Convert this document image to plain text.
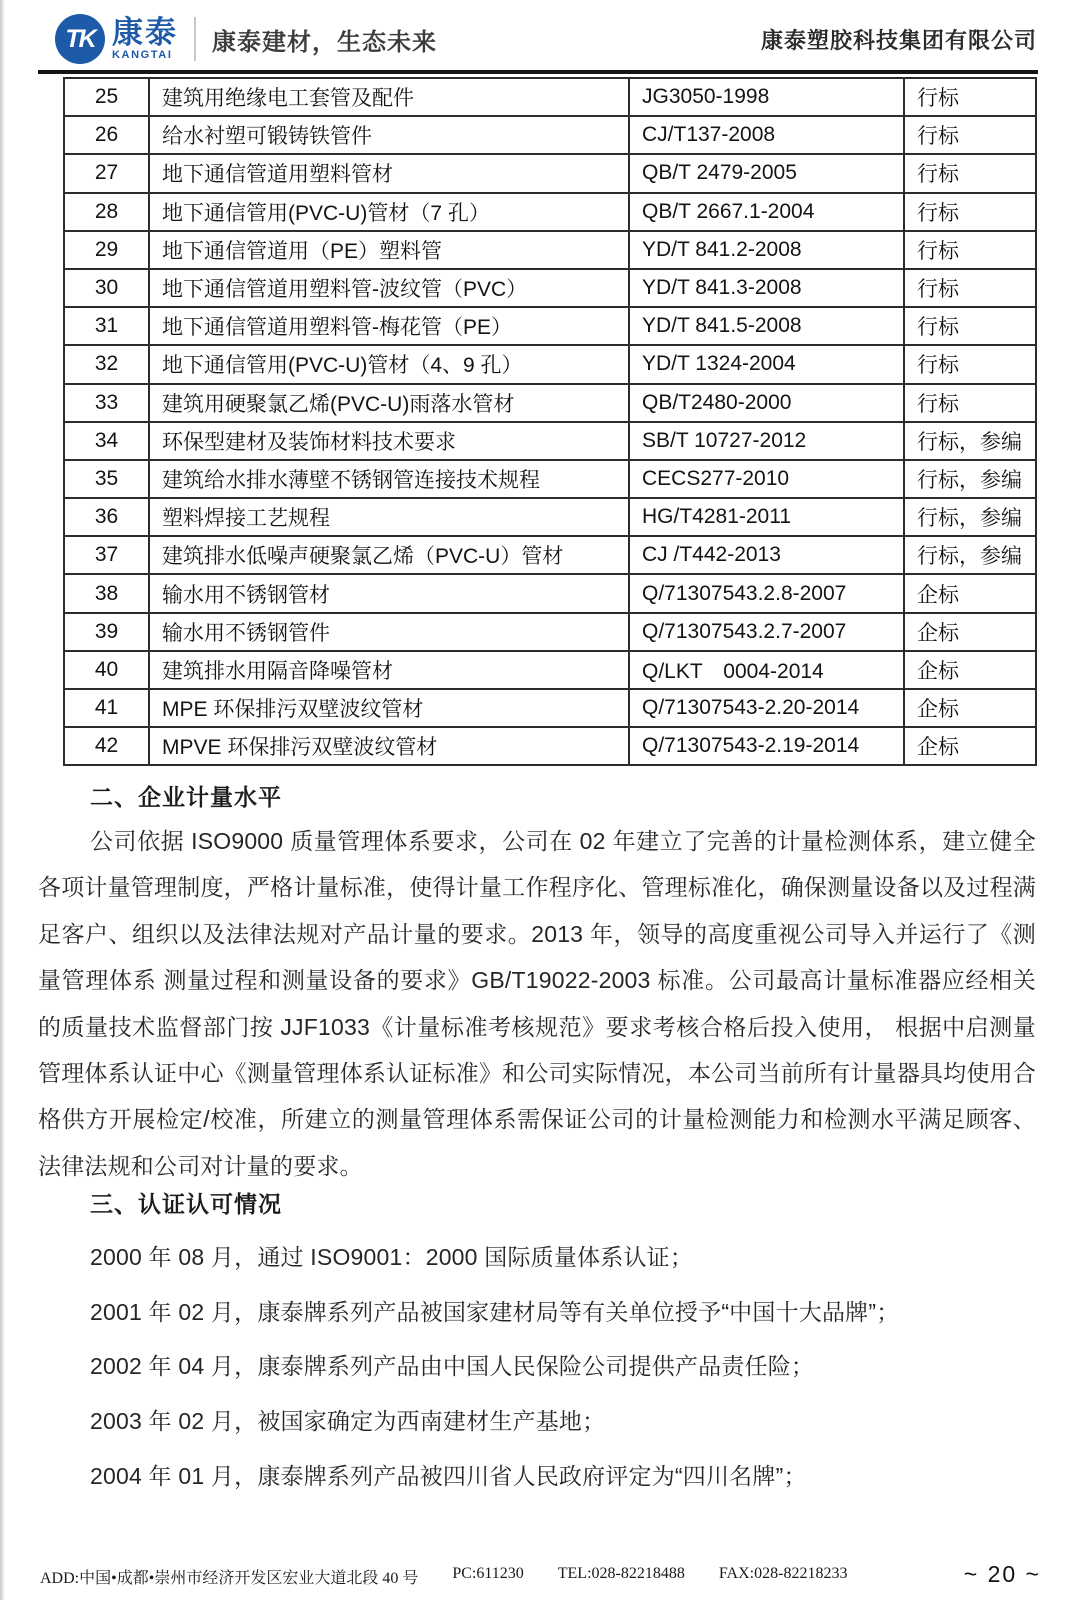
TK 康泰
KANGTAI 康泰建材，生态未来	康泰塑胶科技集团有限公司
25	建筑用绝缘电工套管及配件	JG3050-1998	行标
26	给水衬塑可锻铸铁管件	CJ/T137-2008	行标
27	地下通信管道用塑料管材	QB/T 2479-2005	行标
28	地下通信管用(PVC-U)管材（7 孔）	QB/T 2667.1-2004	行标
29	地下通信管道用（PE）塑料管	YD/T 841.2-2008	行标
30	地下通信管道用塑料管-波纹管（PVC）	YD/T 841.3-2008	行标
31	地下通信管道用塑料管-梅花管（PE）	YD/T 841.5-2008	行标
32	地下通信管用(PVC-U)管材（4、9 孔）	YD/T 1324-2004	行标
33	建筑用硬聚氯乙烯(PVC-U)雨落水管材	QB/T2480-2000	行标
34	环保型建材及装饰材料技术要求	SB/T 10727-2012	行标，参编
35	建筑给水排水薄壁不锈钢管连接技术规程	CECS277-2010	行标，参编
36	塑料焊接工艺规程	HG/T4281-2011	行标，参编
37	建筑排水低噪声硬聚氯乙烯（PVC-U）管材	CJ /T442-2013	行标，参编
38	输水用不锈钢管材	Q/71307543.2.8-2007	企标
39	输水用不锈钢管件	Q/71307543.2.7-2007	企标
40	建筑排水用隔音降噪管材	Q/LKT　0004-2014	企标
41	MPE 环保排污双壁波纹管材	Q/71307543-2.20-2014	企标
42	MPVE 环保排污双壁波纹管材	Q/71307543-2.19-2014	企标
二、企业计量水平
公司依据 ISO9000 质量管理体系要求，公司在 02 年建立了完善的计量检测体系，建立健全各项计量管理制度，严格计量标准，使得计量工作程序化、管理标准化，确保测量设备以及过程满足客户、组织以及法律法规对产品计量的要求。2013 年，领导的高度重视公司导入并运行了《测量管理体系 测量过程和测量设备的要求》GB/T19022-2003 标准。公司最高计量标准器应经相关的质量技术监督部门按 JJF1033《计量标准考核规范》要求考核合格后投入使用， 根据中启测量管理体系认证中心《测量管理体系认证标准》和公司实际情况，本公司当前所有计量器具均使用合格供方开展检定/校准，所建立的测量管理体系需保证公司的计量检测能力和检测水平满足顾客、法律法规和公司对计量的要求。
三、认证认可情况
2000 年 08 月，通过 ISO9001：2000 国际质量体系认证；
2001 年 02 月，康泰牌系列产品被国家建材局等有关单位授予“中国十大品牌”；
2002 年 04 月，康泰牌系列产品由中国人民保险公司提供产品责任险；
2003 年 02 月，被国家确定为西南建材生产基地；
2004 年 01 月，康泰牌系列产品被四川省人民政府评定为“四川名牌”；
ADD:中国•成都•崇州市经济开发区宏业大道北段 40 号 PC:611230 TEL:028-82218488 FAX:028-82218233	~ 20 ~
